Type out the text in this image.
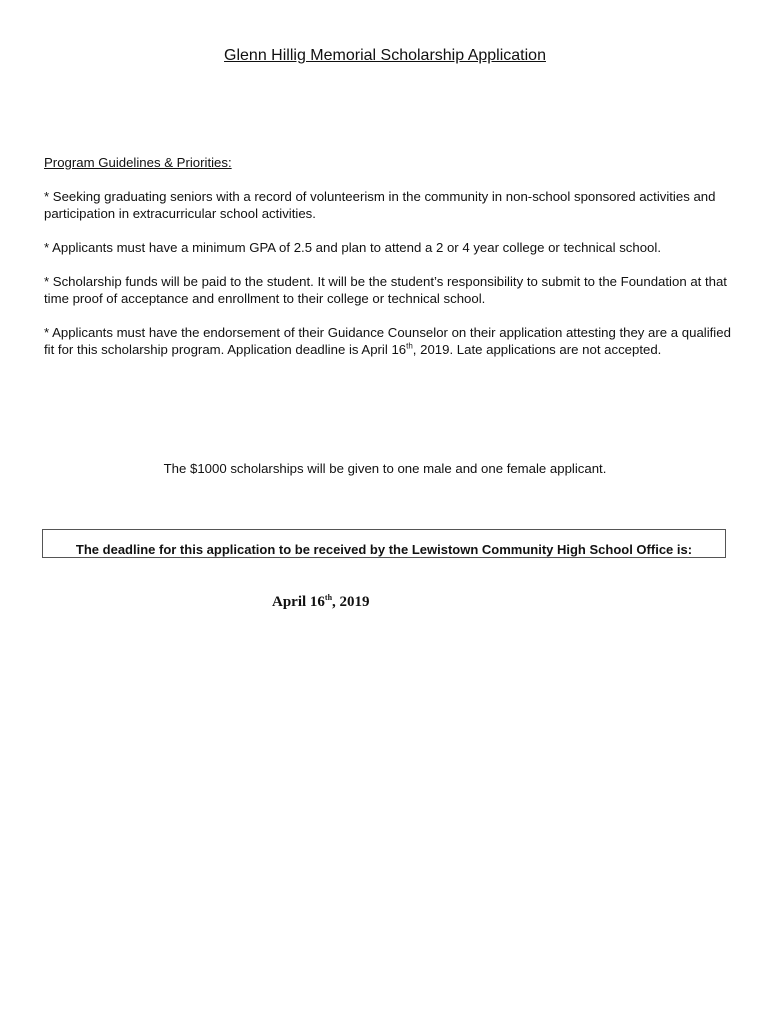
Glenn Hillig Memorial Scholarship Application
Program Guidelines & Priorities:
* Seeking graduating seniors with a record of volunteerism in the community in non-school sponsored activities and participation in extracurricular school activities.
* Applicants must have a minimum GPA of 2.5 and plan to attend a 2 or 4 year college or technical school.
* Scholarship funds will be paid to the student. It will be the student’s responsibility to submit to the Foundation at that time proof of acceptance and enrollment to their college or technical school.
* Applicants must have the endorsement of their Guidance Counselor on their application attesting they are a qualified fit for this scholarship program. Application deadline is April 16th, 2019. Late applications are not accepted.
The $1000 scholarships will be given to one male and one female applicant.
The deadline for this application to be received by the Lewistown Community High School Office is:
April 16th, 2019
